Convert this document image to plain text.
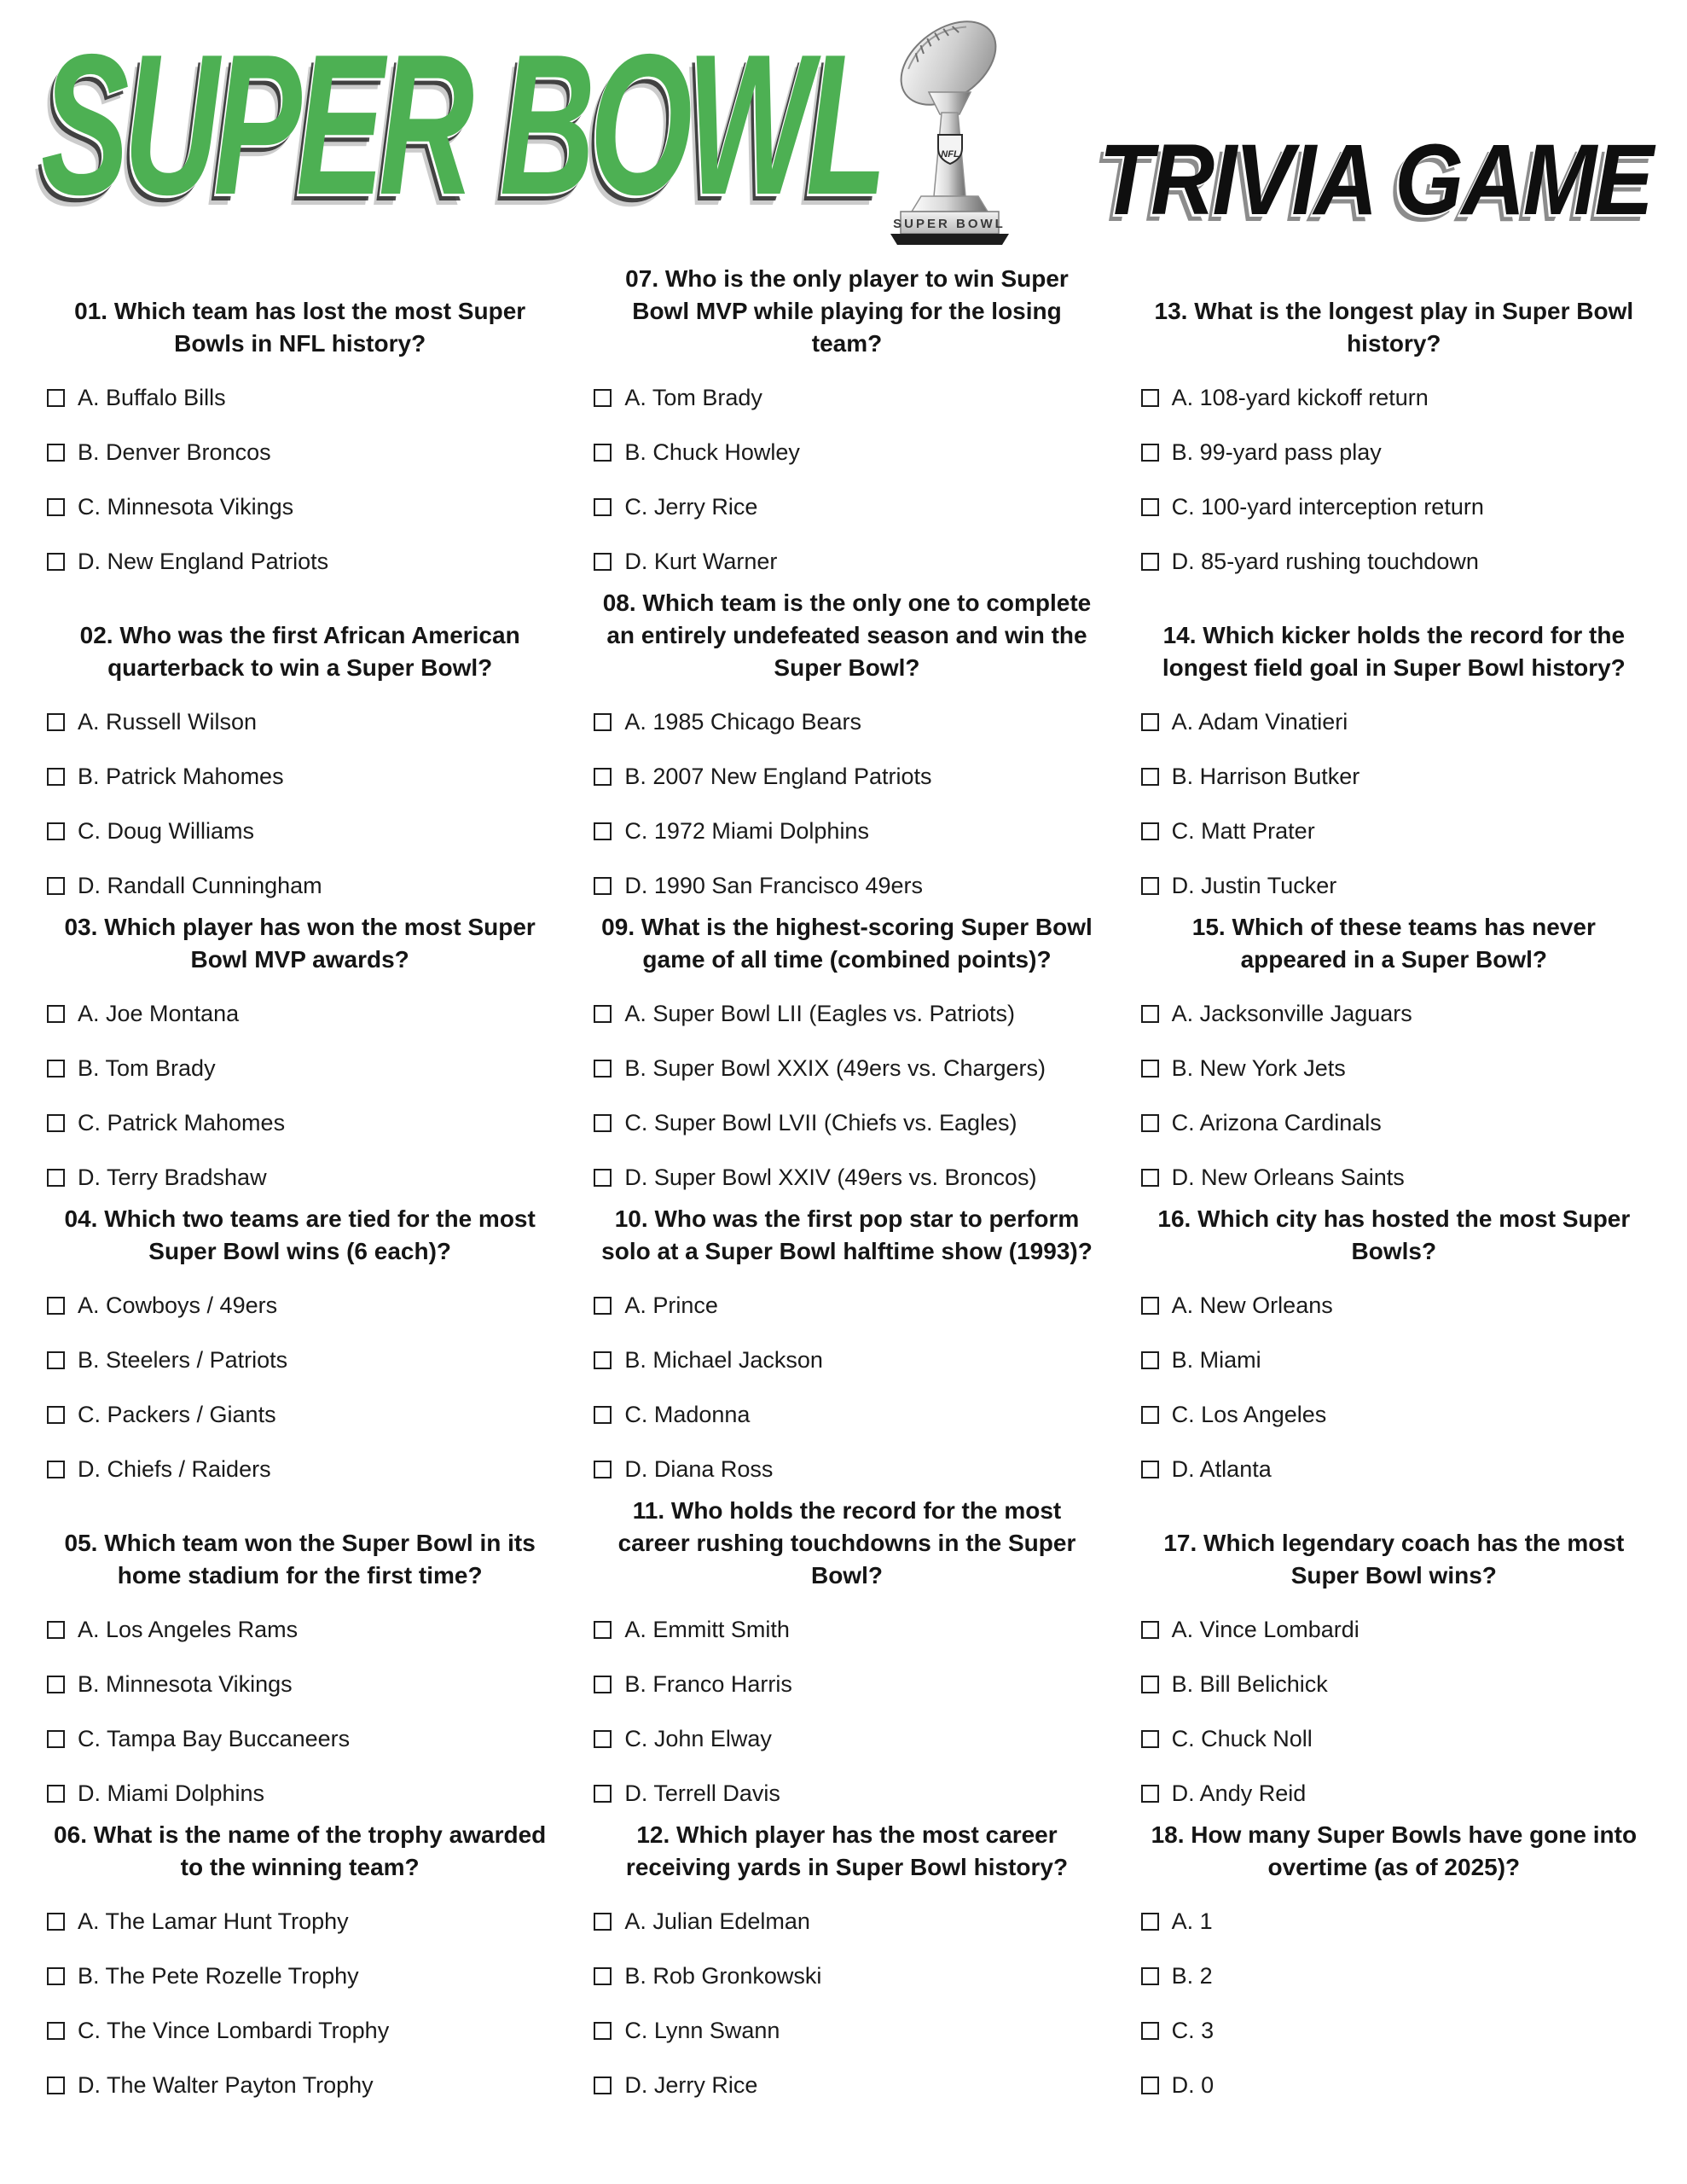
SUPER BOWL	NFL
SUPER BOWL TRIVIA GAME
01. Which team has lost the most Super Bowls in NFL history?
A. Buffalo Bills
B. Denver Broncos
C. Minnesota Vikings
D. New England Patriots
02. Who was the first African American quarterback to win a Super Bowl?
A. Russell Wilson
B. Patrick Mahomes
C. Doug Williams
D. Randall Cunningham
03. Which player has won the most Super Bowl MVP awards?
A. Joe Montana
B. Tom Brady
C. Patrick Mahomes
D. Terry Bradshaw
04. Which two teams are tied for the most Super Bowl wins (6 each)?
A. Cowboys / 49ers
B. Steelers / Patriots
C. Packers / Giants
D. Chiefs / Raiders
05. Which team won the Super Bowl in its home stadium for the first time?
A. Los Angeles Rams
B. Minnesota Vikings
C. Tampa Bay Buccaneers
D. Miami Dolphins
06. What is the name of the trophy awarded to the winning team?
A. The Lamar Hunt Trophy
B. The Pete Rozelle Trophy
C. The Vince Lombardi Trophy
D. The Walter Payton Trophy
07. Who is the only player to win Super Bowl MVP while playing for the losing team?
A. Tom Brady
B. Chuck Howley
C. Jerry Rice
D. Kurt Warner
08. Which team is the only one to complete an entirely undefeated season and win the Super Bowl?
A. 1985 Chicago Bears
B. 2007 New England Patriots
C. 1972 Miami Dolphins
D. 1990 San Francisco 49ers
09. What is the highest-scoring Super Bowl game of all time (combined points)?
A. Super Bowl LII (Eagles vs. Patriots)
B. Super Bowl XXIX (49ers vs. Chargers)
C. Super Bowl LVII (Chiefs vs. Eagles)
D. Super Bowl XXIV (49ers vs. Broncos)
10. Who was the first pop star to perform solo at a Super Bowl halftime show (1993)?
A. Prince
B. Michael Jackson
C. Madonna
D. Diana Ross
11. Who holds the record for the most career rushing touchdowns in the Super Bowl?
A. Emmitt Smith
B. Franco Harris
C. John Elway
D. Terrell Davis
12. Which player has the most career receiving yards in Super Bowl history?
A. Julian Edelman
B. Rob Gronkowski
C. Lynn Swann
D. Jerry Rice
13. What is the longest play in Super Bowl history?
A. 108-yard kickoff return
B. 99-yard pass play
C. 100-yard interception return
D. 85-yard rushing touchdown
14. Which kicker holds the record for the longest field goal in Super Bowl history?
A. Adam Vinatieri
B. Harrison Butker
C. Matt Prater
D. Justin Tucker
15. Which of these teams has never appeared in a Super Bowl?
A. Jacksonville Jaguars
B. New York Jets
C. Arizona Cardinals
D. New Orleans Saints
16. Which city has hosted the most Super Bowls?
A. New Orleans
B. Miami
C. Los Angeles
D. Atlanta
17. Which legendary coach has the most Super Bowl wins?
A. Vince Lombardi
B. Bill Belichick
C. Chuck Noll
D. Andy Reid
18. How many Super Bowls have gone into overtime (as of 2025)?
A. 1
B. 2
C. 3
D. 0
